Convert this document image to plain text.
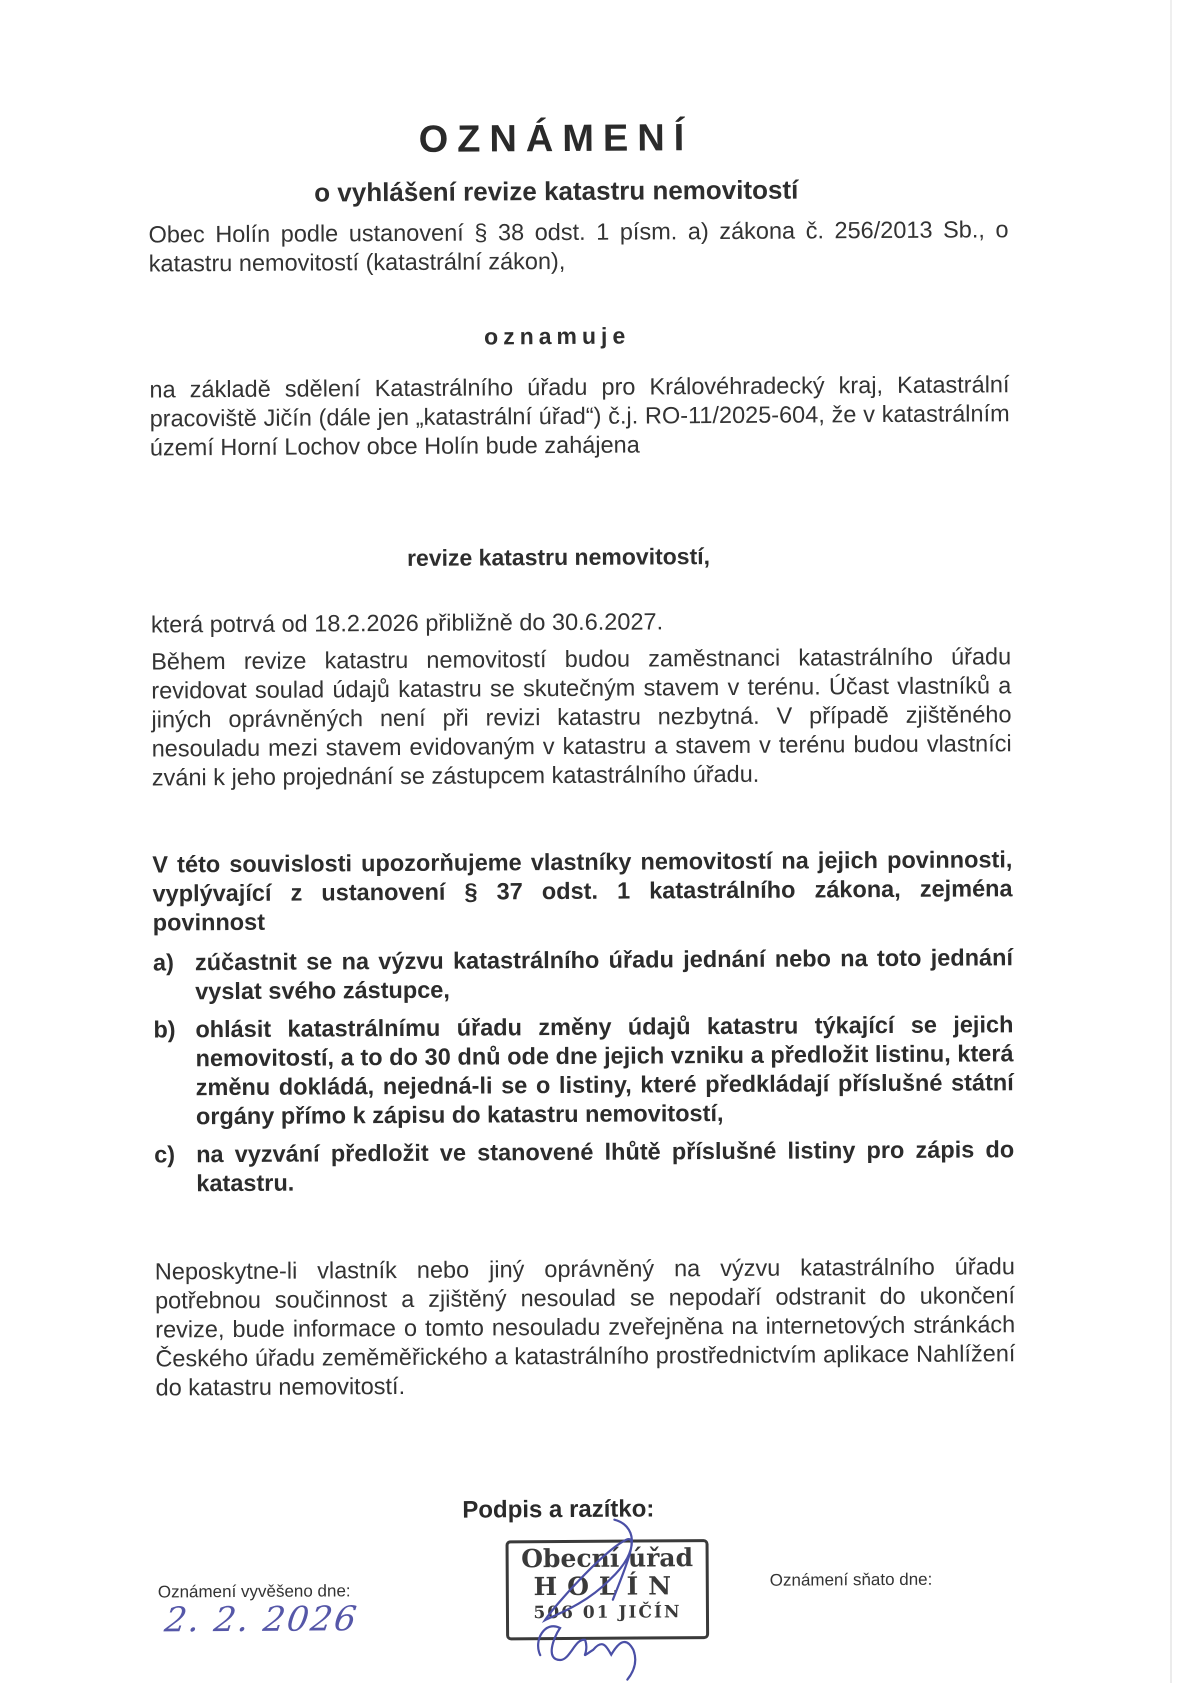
OZNÁMENÍ
o vyhlášení revize katastru nemovitostí
Obec Holín podle ustanovení § 38 odst. 1 písm. a) zákona č. 256/2013 Sb., o katastru nemovitostí (katastrální zákon),
oznamuje
na základě sdělení Katastrálního úřadu pro Královéhradecký kraj, Katastrální pracoviště Jičín (dále jen „katastrální úřad“) č.j. RO-11/2025-604, že v katastrálním území Horní Lochov obce Holín bude zahájena
revize katastru nemovitostí,
která potrvá od 18.2.2026 přibližně do 30.6.2027.
Během revize katastru nemovitostí budou zaměstnanci katastrálního úřadu revidovat soulad údajů katastru se skutečným stavem v terénu. Účast vlastníků a jiných oprávněných není při revizi katastru nezbytná. V případě zjištěného nesouladu mezi stavem evidovaným v katastru a stavem v terénu budou vlastníci zváni k jeho projednání se zástupcem katastrálního úřadu.
V této souvislosti upozorňujeme vlastníky nemovitostí na jejich povinnosti, vyplývající z ustanovení § 37 odst. 1 katastrálního zákona, zejména povinnost
a) zúčastnit se na výzvu katastrálního úřadu jednání nebo na toto jednání vyslat svého zástupce,
b) ohlásit katastrálnímu úřadu změny údajů katastru týkající se jejich nemovitostí, a to do 30 dnů ode dne jejich vzniku a předložit listinu, která změnu dokládá, nejedná-li se o listiny, které předkládají příslušné státní orgány přímo k zápisu do katastru nemovitostí,
c) na vyzvání předložit ve stanovené lhůtě příslušné listiny pro zápis do katastru.
Neposkytne-li vlastník nebo jiný oprávněný na výzvu katastrálního úřadu potřebnou součinnost a zjištěný nesoulad se nepodaří odstranit do ukončení revize, bude informace o tomto nesouladu zveřejněna na internetových stránkách Českého úřadu zeměměřického a katastrálního prostřednictvím aplikace Nahlížení do katastru nemovitostí.
Podpis a razítko:
Oznámení vyvěšeno dne:
2. 2. 2026
Obecní úřad
HOLÍN
506 01 JIČÍN
Oznámení sňato dne:
